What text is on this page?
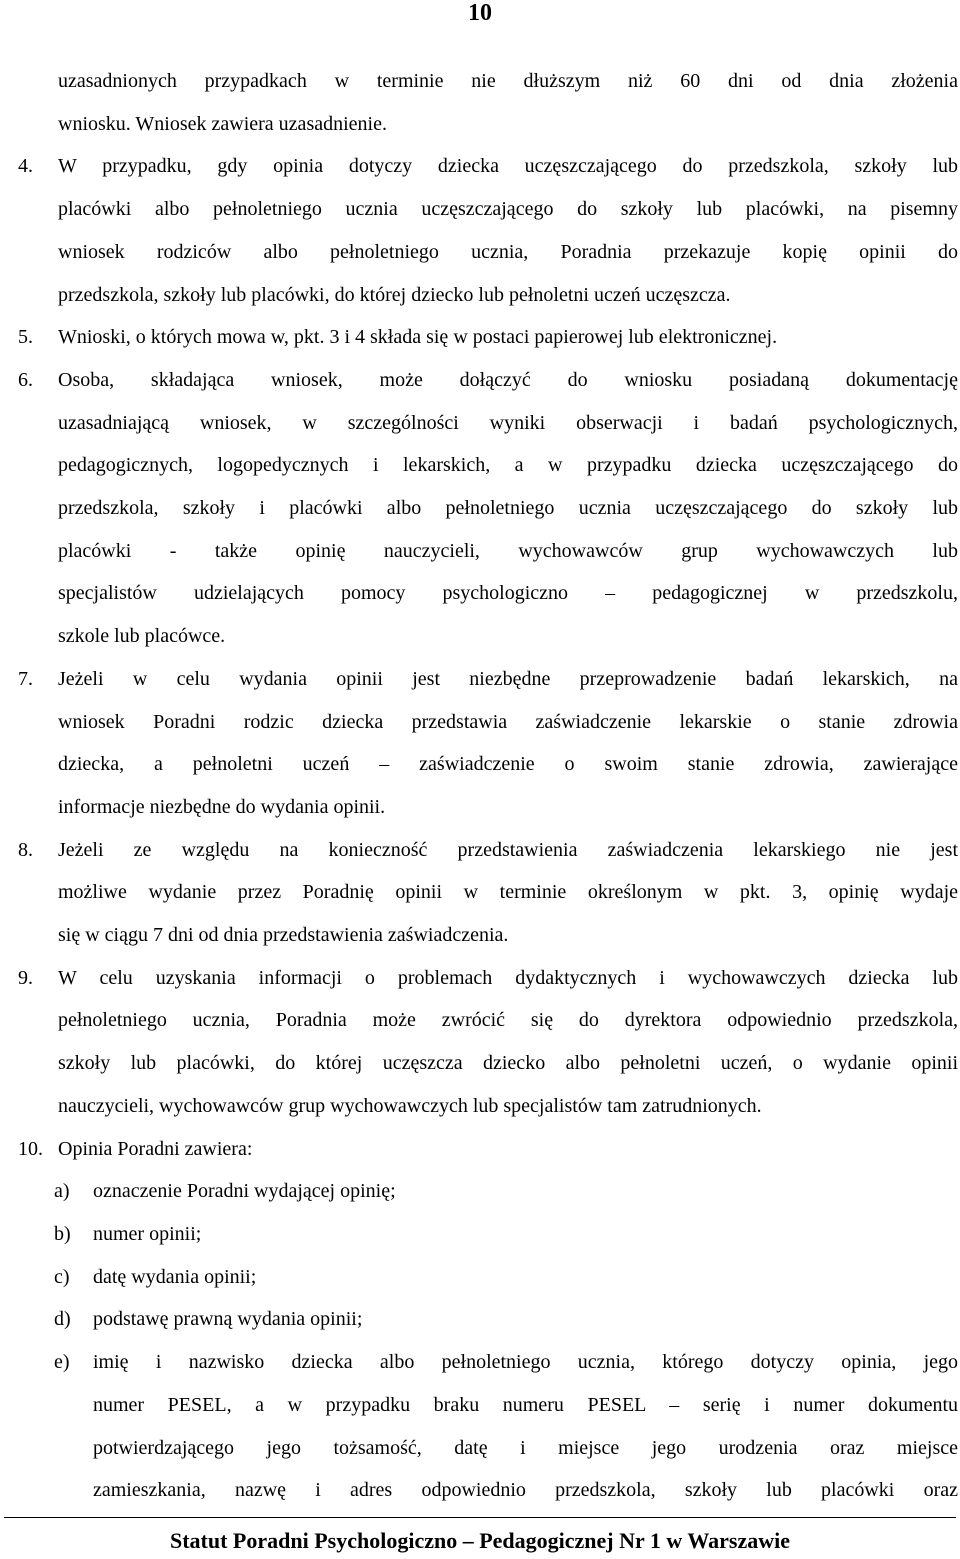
10
uzasadnionych przypadkach w terminie nie dłuższym niż 60 dni od dnia złożenia
wniosku. Wniosek zawiera uzasadnienie.
4.	W przypadku, gdy opinia dotyczy dziecka uczęszczającego do przedszkola, szkoły lub
placówki albo pełnoletniego ucznia uczęszczającego do szkoły lub placówki, na pisemny
wniosek rodziców albo pełnoletniego ucznia, Poradnia przekazuje kopię opinii do
przedszkola, szkoły lub placówki, do której dziecko lub pełnoletni uczeń uczęszcza.
5.	Wnioski, o których mowa w, pkt. 3 i 4 składa się w postaci papierowej lub elektronicznej.
6.	Osoba, składająca wniosek, może dołączyć do wniosku posiadaną dokumentację
uzasadniającą wniosek, w szczególności wyniki obserwacji i badań psychologicznych,
pedagogicznych, logopedycznych i lekarskich, a w przypadku dziecka uczęszczającego do
przedszkola, szkoły i placówki albo pełnoletniego ucznia uczęszczającego do szkoły lub
placówki - także opinię nauczycieli, wychowawców grup wychowawczych lub
specjalistów udzielających pomocy psychologiczno – pedagogicznej w przedszkolu,
szkole lub placówce.
7.	Jeżeli w celu wydania opinii jest niezbędne przeprowadzenie badań lekarskich, na
wniosek Poradni rodzic dziecka przedstawia zaświadczenie lekarskie o stanie zdrowia
dziecka, a pełnoletni uczeń – zaświadczenie o swoim stanie zdrowia, zawierające
informacje niezbędne do wydania opinii.
8.	Jeżeli ze względu na konieczność przedstawienia zaświadczenia lekarskiego nie jest
możliwe wydanie przez Poradnię opinii w terminie określonym w pkt. 3, opinię wydaje
się w ciągu 7 dni od dnia przedstawienia zaświadczenia.
9.	W celu uzyskania informacji o problemach dydaktycznych i wychowawczych dziecka lub
pełnoletniego ucznia, Poradnia może zwrócić się do dyrektora odpowiednio przedszkola,
szkoły lub placówki, do której uczęszcza dziecko albo pełnoletni uczeń, o wydanie opinii
nauczycieli, wychowawców grup wychowawczych lub specjalistów tam zatrudnionych.
10. Opinia Poradni zawiera:
a)	oznaczenie Poradni wydającej opinię;
b)	numer opinii;
c)	datę wydania opinii;
d)	podstawę prawną wydania opinii;
e)	imię i nazwisko dziecka albo pełnoletniego ucznia, którego dotyczy opinia, jego
numer PESEL, a w przypadku braku numeru PESEL – serię i numer dokumentu
potwierdzającego jego tożsamość, datę i miejsce jego urodzenia oraz miejsce
zamieszkania, nazwę i adres odpowiednio przedszkola, szkoły lub placówki oraz
Statut Poradni Psychologiczno – Pedagogicznej Nr 1 w Warszawie
